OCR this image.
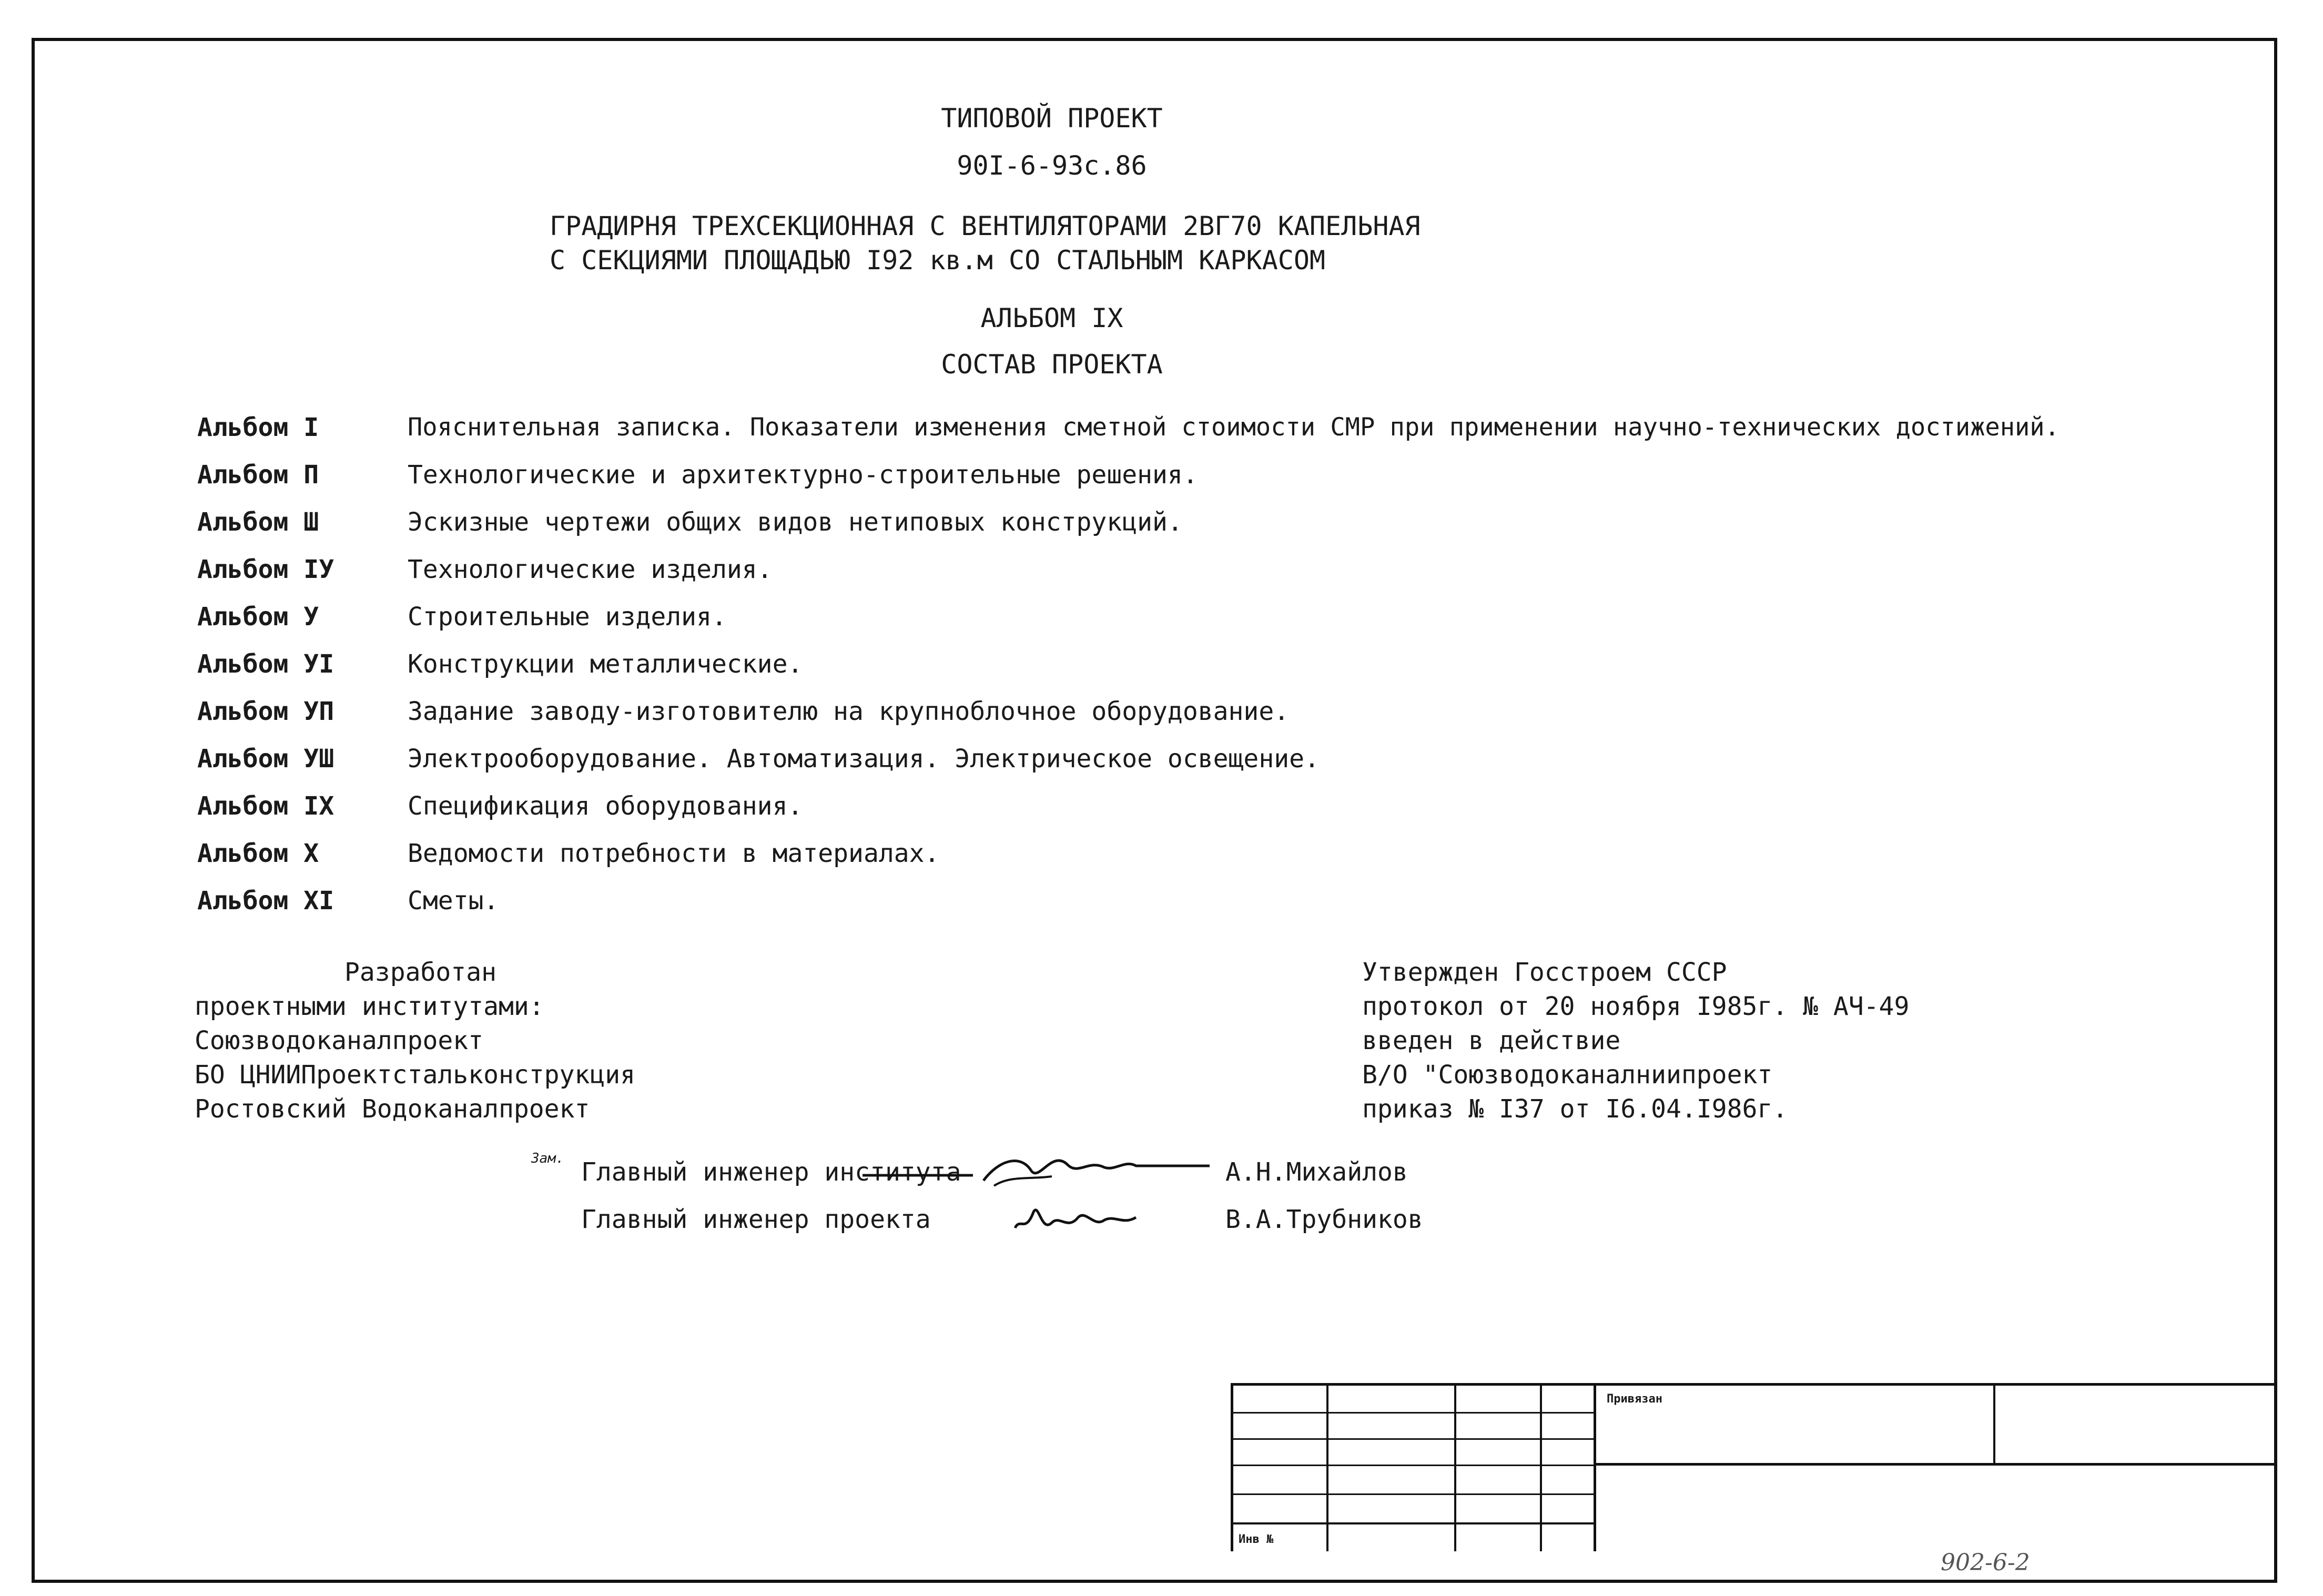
ТИПОВОЙ ПРОЕКТ
90I-6-93с.86
ГРАДИРНЯ ТРЕХСЕКЦИОННАЯ С ВЕНТИЛЯТОРАМИ 2ВГ70 КАПЕЛЬНАЯ
С СЕКЦИЯМИ ПЛОЩАДЬЮ I92 кв.м СО СТАЛЬНЫМ КАРКАСОМ
АЛЬБОМ IX
СОСТАВ ПРОЕКТА
Альбом I	Пояснительная записка. Показатели изменения сметной стоимости СМР при применении научно-технических достижений.
Альбом П	Технологические и архитектурно-строительные решения.
Альбом Ш	Эскизные чертежи общих видов нетиповых конструкций.
Альбом IУ	Технологические изделия.
Альбом У	Строительные изделия.
Альбом УI	Конструкции металлические.
Альбом УП	Задание заводу-изготовителю на крупноблочное оборудование.
Альбом УШ	Электрооборудование. Автоматизация. Электрическое освещение.
Альбом IX	Спецификация оборудования.
Альбом X	Ведомости потребности в материалах.
Альбом XI	Сметы.
Разработан
проектными институтами:
Союзводоканалпроект
БО ЦНИИПроектстальконструкция
Ростовский Водоканалпроект
Утвержден Госстроем СССР
протокол от 20 ноября I985г. № АЧ-49
введен в действие
В/О "Союзводоканалниипроект
приказ № I37 от I6.04.I986г.
Зам. Главный инженер института	А.Н.Михайлов
Главный инженер проекта	В.А.Трубников
Привязан
Инв №
902-6-2
